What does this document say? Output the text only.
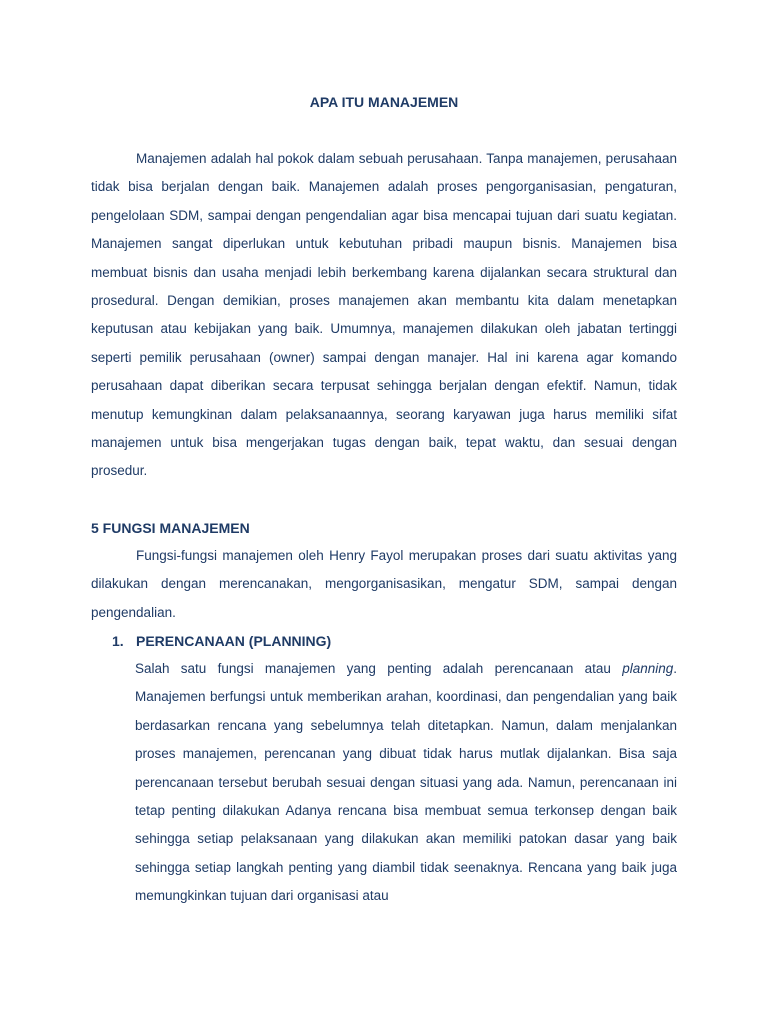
APA ITU MANAJEMEN

Manajemen adalah hal pokok dalam sebuah perusahaan. Tanpa manajemen, perusahaan tidak bisa berjalan dengan baik. Manajemen adalah proses pengorganisasian, pengaturan, pengelolaan SDM, sampai dengan pengendalian agar bisa mencapai tujuan dari suatu kegiatan. Manajemen sangat diperlukan untuk kebutuhan pribadi maupun bisnis. Manajemen bisa membuat bisnis dan usaha menjadi lebih berkembang karena dijalankan secara struktural dan prosedural. Dengan demikian, proses manajemen akan membantu kita dalam menetapkan keputusan atau kebijakan yang baik. Umumnya, manajemen dilakukan oleh jabatan tertinggi seperti pemilik perusahaan (owner) sampai dengan manajer. Hal ini karena agar komando perusahaan dapat diberikan secara terpusat sehingga berjalan dengan efektif. Namun, tidak menutup kemungkinan dalam pelaksanaannya, seorang karyawan juga harus memiliki sifat manajemen untuk bisa mengerjakan tugas dengan baik, tepat waktu, dan sesuai dengan prosedur.

5 FUNGSI MANAJEMEN

Fungsi-fungsi manajemen oleh Henry Fayol merupakan proses dari suatu aktivitas yang dilakukan dengan merencanakan, mengorganisasikan, mengatur SDM, sampai dengan pengendalian.

1. PERENCANAAN (PLANNING)

Salah satu fungsi manajemen yang penting adalah perencanaan atau planning. Manajemen berfungsi untuk memberikan arahan, koordinasi, dan pengendalian yang baik berdasarkan rencana yang sebelumnya telah ditetapkan. Namun, dalam menjalankan proses manajemen, perencanan yang dibuat tidak harus mutlak dijalankan. Bisa saja perencanaan tersebut berubah sesuai dengan situasi yang ada. Namun, perencanaan ini tetap penting dilakukan Adanya rencana bisa membuat semua terkonsep dengan baik sehingga setiap pelaksanaan yang dilakukan akan memiliki patokan dasar yang baik sehingga setiap langkah penting yang diambil tidak seenaknya. Rencana yang baik juga memungkinkan tujuan dari organisasi atau
